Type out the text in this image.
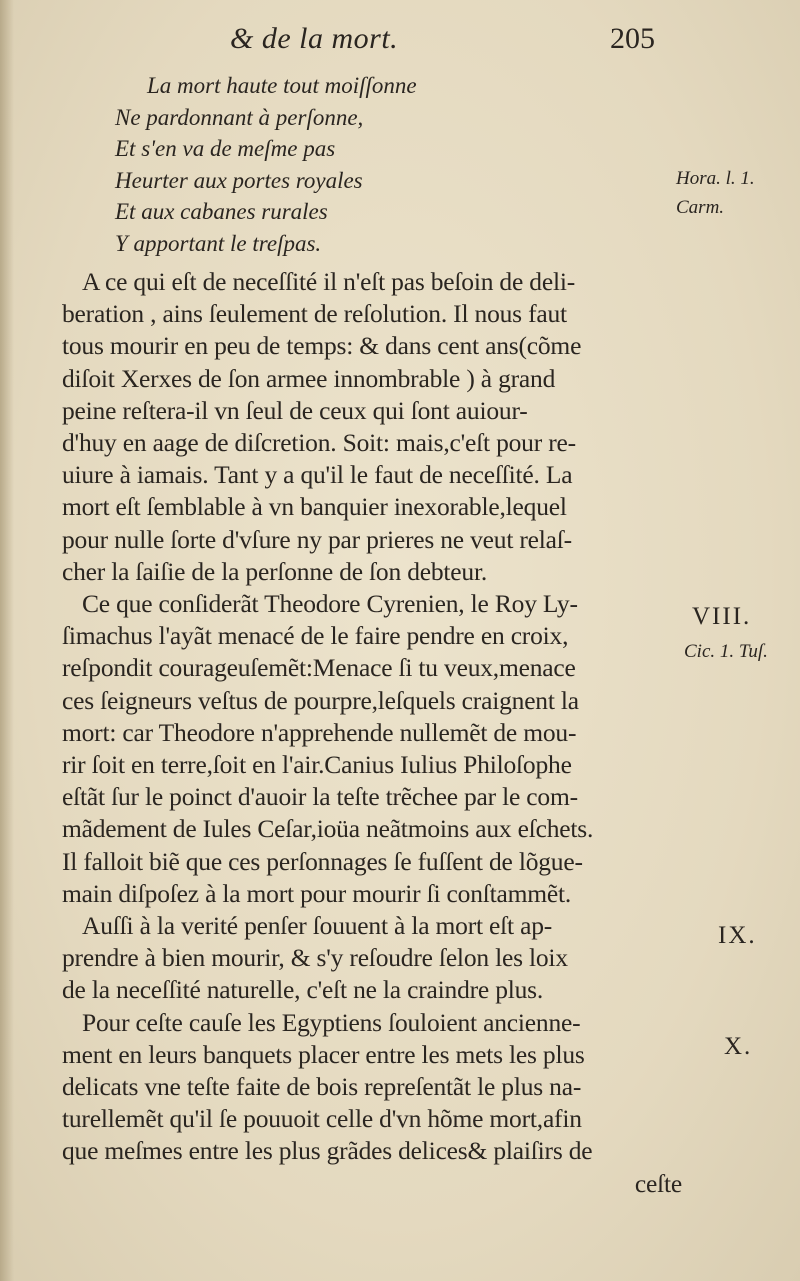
& de la mort.	205
La mort haute tout moiſſonne
Ne pardonnant à perſonne,
Et s'en va de meſme pas
Heurter aux portes royales
Et aux cabanes rurales
Y apportant le treſpas.
A ce qui eſt de neceſſité il n'eſt pas beſoin de deli-
beration , ains ſeulement de reſolution. Il nous faut
tous mourir en peu de temps: & dans cent ans(cõme
diſoit Xerxes de ſon armee innombrable ) à grand
peine reſtera-il vn ſeul de ceux qui ſont auiour-
d'huy en aage de diſcretion. Soit: mais,c'eſt pour re-
uiure à iamais. Tant y a qu'il le faut de neceſſité. La
mort eſt ſemblable à vn banquier inexorable,lequel
pour nulle ſorte d'vſure ny par prieres ne veut relaſ-
cher la ſaiſie de la perſonne de ſon debteur.
Ce que conſiderãt Theodore Cyrenien, le Roy Ly-
ſimachus l'ayãt menacé de le faire pendre en croix,
reſpondit courageuſemẽt:Menace ſi tu veux,menace
ces ſeigneurs veſtus de pourpre,leſquels craignent la
mort: car Theodore n'apprehende nullemẽt de mou-
rir ſoit en terre,ſoit en l'air.Canius Iulius Philoſophe
eſtãt ſur le poinct d'auoir la teſte trẽchee par le com-
mãdement de Iules Ceſar,ioüa neãtmoins aux eſchets.
Il falloit biẽ que ces perſonnages ſe fuſſent de lõgue-
main diſpoſez à la mort pour mourir ſi conſtammẽt.
Auſſi à la verité penſer ſouuent à la mort eſt ap-
prendre à bien mourir, & s'y reſoudre ſelon les loix
de la neceſſité naturelle, c'eſt ne la craindre plus.
Pour ceſte cauſe les Egyptiens ſouloient ancienne-
ment en leurs banquets placer entre les mets les plus
delicats vne teſte faite de bois repreſentãt le plus na-
turellemẽt qu'il ſe pouuoit celle d'vn hõme mort,afin
que meſmes entre les plus grãdes delices& plaiſirs de
ceſte
Hora. l. 1.
Carm.
VIII.
Cic. 1. Tuſ.
IX.
X.
